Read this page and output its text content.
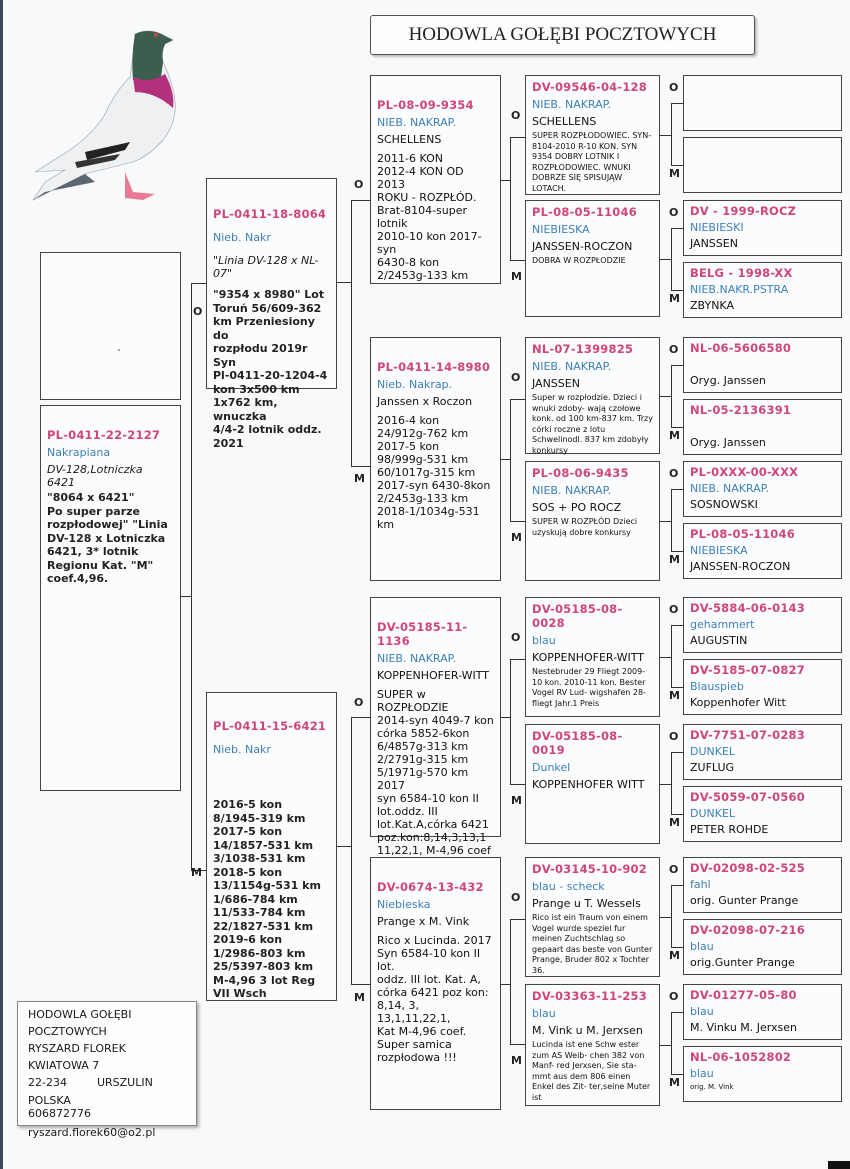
HODOWLA GOŁĘBI POCZTOWYCH
"
PL-0411-22-2127
Nakrapiana
DV-128,Lotniczka 6421
"8064 x 6421"
Po super parze
rozpłodowej" "Linia
DV-128 x Lotniczka
6421, 3* lotnik
Regionu Kat. "M"
coef.4,96.
PL-0411-18-8064
Nieb. Nakr
"Linia DV-128 x NL-07"
"9354 x 8980" Lot
Toruń 56/609-362
km Przeniesiony do
rozpłodu 2019r Syn
Pl-0411-20-1204-4
kon 3x500 km
1x762 km, wnuczka
4/4-2 lotnik oddz.
2021
PL-0411-15-6421
Nieb. Nakr
2016-5 kon
8/1945-319 km
2017-5 kon
14/1857-531 km
3/1038-531 km
2018-5 kon
13/1154g-531 km
1/686-784 km
11/533-784 km
22/1827-531 km
2019-6 kon
1/2986-803 km
25/5397-803 km
M-4,96 3 lot Reg
VII Wsch
O
M
O
M
O
M
O
M
O
M
O
M
O
M
O
M
O
M
O
M
O
M
O
M
O
M
O
M
O
M
PL-08-09-9354
NIEB. NAKRAP.
SCHELLENS
2011-6 KON
2012-4 KON OD 2013
ROKU - ROZPŁÓD.
Brat-8104-super lotnik
2010-10 kon 2017-syn
6430-8 kon
2/2453g-133 km
PL-0411-14-8980
Nieb. Nakrap.
Janssen x Roczon
2016-4 kon
24/912g-762 km
2017-5 kon
98/999g-531 km
60/1017g-315 km
2017-syn 6430-8kon
2/2453g-133 km
2018-1/1034g-531 km
DV-05185-11-1136
NIEB. NAKRAP.
KOPPENHOFER-WITT
SUPER w ROZPŁODZIE
2014-syn 4049-7 kon
córka 5852-6kon
6/4857g-313 km
2/2791g-315 km
5/1971g-570 km 2017
syn 6584-10 kon II
lot.oddz. III
lot.Kat.A,córka 6421
poz.kon:8,14,3,13,1
11,22,1, M-4,96 coef
DV-0674-13-432
Niebieska
Prange x M. Vink
Rico x Lucinda. 2017
Syn 6584-10 kon II lot.
oddz. III lot. Kat. A,
córka 6421 poz kon:
8,14, 3, 13,1,11,22,1,
Kat M-4,96 coef.
Super samica
rozpłodowa !!!
DV-09546-04-128
NIEB. NAKRAP.
SCHELLENS
SUPER ROZPŁODOWIEC. SYN-8104-2010 R-10 KON. SYN 9354 DOBRY LOTNIK I ROZPŁODOWIEC. WNUKI DOBRZE SIĘ SPISUJĄW LOTACH.
PL-08-05-11046
NIEBIESKA
JANSSEN-ROCZON
DOBRA W ROZPŁODZIE
NL-07-1399825
NIEB. NAKRAP.
JANSSEN
Super w rozpłodzie. Dzieci i wnuki zdoby- wają czołowe konk. od 100 km-837 km. Trzy córki roczne z lotu Schwelinodl. 837 km zdobyły konkursy
PL-08-06-9435
NIEB. NAKRAP.
SOS + PO ROCZ
SUPER W ROZPŁÓD Dzieci uzyskują dobre konkursy
DV-05185-08-0028
blau
KOPPENHOFER-WITT
Nestebruder 29 Fliegt 2009-10 kon. 2010-11 kon. Bester Vogel RV Lud- wigshafen 28-fliegt Jahr.1 Preis
DV-05185-08-0019
Dunkel
KOPPENHOFER WITT
DV-03145-10-902
blau - scheck
Prange u T. Wessels
Rico ist ein Traum von einem Vogel wurde speziel fur meinen Zuchtschlag so gepaart das beste von Gunter Prange, Bruder 802 x Tochter 36.
DV-03363-11-253
blau
M. Vink u M. Jerxsen
Lucinda ist ene Schw ester zum AS Weib- chen 382 von Manf- red Jerxsen, Sie sta- mmt aus dem 806 einen Enkel des Zit- ter,seine Muter ist
DV - 1999-ROCZ
NIEBIESKI
JANSSEN
BELG - 1998-XX
NIEB.NAKR.PSTRA
ZBYNKA
NL-06-5606580
Oryg. Janssen
NL-05-2136391
Oryg. Janssen
PL-0XXX-00-XXX
NIEB. NAKRAP.
SOSNOWSKI
PL-08-05-11046
NIEBIESKA
JANSSEN-ROCZON
DV-5884-06-0143
gehammert
AUGUSTIN
DV-5185-07-0827
Blauspieb
Koppenhofer Witt
DV-7751-07-0283
DUNKEL
ZUFLUG
DV-5059-07-0560
DUNKEL
PETER ROHDE
DV-02098-02-525
fahl
orig. Gunter Prange
DV-02098-07-216
blau
orig.Gunter Prange
DV-01277-05-80
blau
M. Vinku M. Jerxsen
NL-06-1052802
blau
orig. M. Vink
HODOWLA GOŁĘBI POCZTOWYCH
RYSZARD FLOREK
KWIATOWA 7
22-234	URSZULIN
POLSKA
606872776
ryszard.florek60@o2.pl
